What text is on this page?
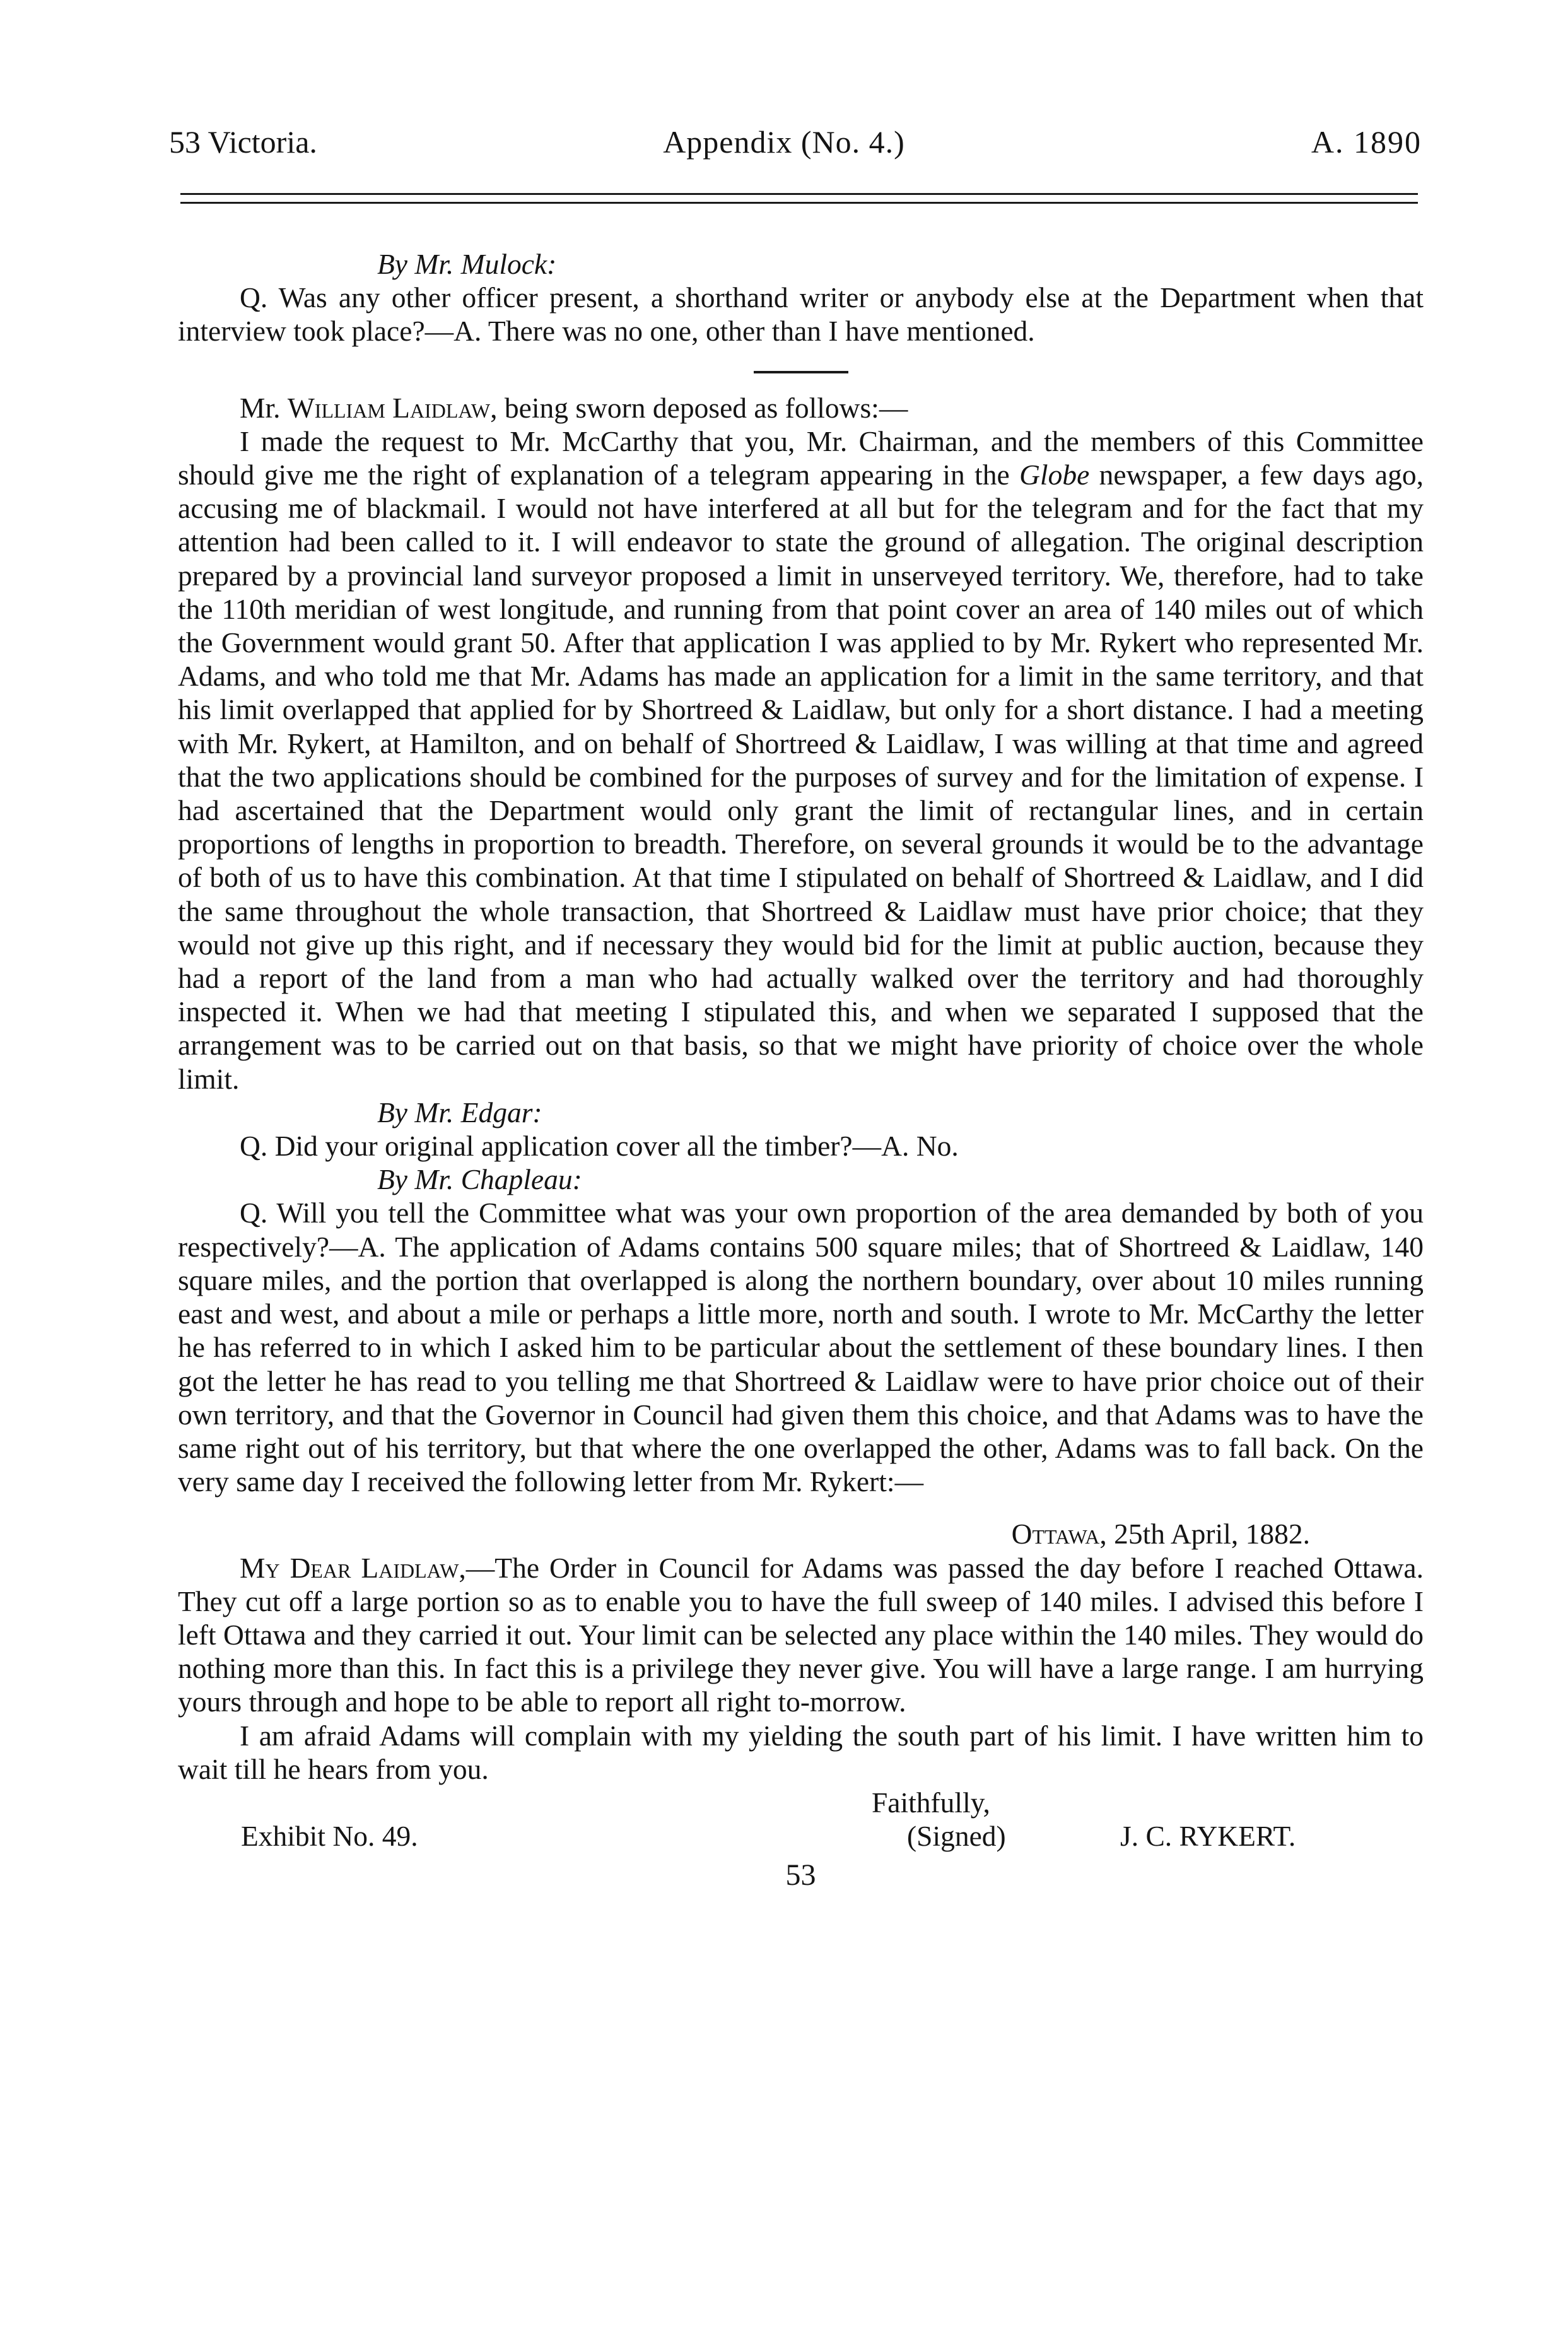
53 Victoria.	Appendix (No. 4.)	A. 1890

By Mr. Mulock:

Q. Was any other officer present, a shorthand writer or anybody else at the Department when that interview took place?—A. There was no one, other than I have mentioned.

Mr. William Laidlaw, being sworn deposed as follows:—

I made the request to Mr. McCarthy that you, Mr. Chairman, and the members of this Committee should give me the right of explanation of a telegram appearing in the Globe newspaper, a few days ago, accusing me of blackmail. I would not have interfered at all but for the telegram and for the fact that my attention had been called to it. I will endeavor to state the ground of allegation. The original description prepared by a provincial land surveyor proposed a limit in unserveyed territory. We, therefore, had to take the 110th meridian of west longitude, and running from that point cover an area of 140 miles out of which the Government would grant 50. After that application I was applied to by Mr. Rykert who represented Mr. Adams, and who told me that Mr. Adams has made an application for a limit in the same territory, and that his limit overlapped that applied for by Shortreed & Laidlaw, but only for a short distance. I had a meeting with Mr. Rykert, at Hamilton, and on behalf of Shortreed & Laidlaw, I was willing at that time and agreed that the two applications should be combined for the purposes of survey and for the limitation of expense. I had ascertained that the Department would only grant the limit of rectangular lines, and in certain proportions of lengths in proportion to breadth. Therefore, on several grounds it would be to the advantage of both of us to have this combination. At that time I stipulated on behalf of Shortreed & Laidlaw, and I did the same throughout the whole transaction, that Shortreed & Laidlaw must have prior choice; that they would not give up this right, and if necessary they would bid for the limit at public auction, because they had a report of the land from a man who had actually walked over the territory and had thoroughly inspected it. When we had that meeting I stipulated this, and when we separated I supposed that the arrangement was to be carried out on that basis, so that we might have priority of choice over the whole limit.

By Mr. Edgar:

Q. Did your original application cover all the timber?—A. No.

By Mr. Chapleau:

Q. Will you tell the Committee what was your own proportion of the area demanded by both of you respectively?—A. The application of Adams contains 500 square miles; that of Shortreed & Laidlaw, 140 square miles, and the portion that overlapped is along the northern boundary, over about 10 miles running east and west, and about a mile or perhaps a little more, north and south. I wrote to Mr. McCarthy the letter he has referred to in which I asked him to be particular about the settlement of these boundary lines. I then got the letter he has read to you telling me that Shortreed & Laidlaw were to have prior choice out of their own territory, and that the Governor in Council had given them this choice, and that Adams was to have the same right out of his territory, but that where the one overlapped the other, Adams was to fall back. On the very same day I received the following letter from Mr. Rykert:—

Ottawa, 25th April, 1882.

My Dear Laidlaw,—The Order in Council for Adams was passed the day before I reached Ottawa. They cut off a large portion so as to enable you to have the full sweep of 140 miles. I advised this before I left Ottawa and they carried it out. Your limit can be selected any place within the 140 miles. They would do nothing more than this. In fact this is a privilege they never give. You will have a large range. I am hurrying yours through and hope to be able to report all right to-morrow.

I am afraid Adams will complain with my yielding the south part of his limit. I have written him to wait till he hears from you.

Faithfully,

Exhibit No. 49.	(Signed)	J. C. RYKERT.
53
